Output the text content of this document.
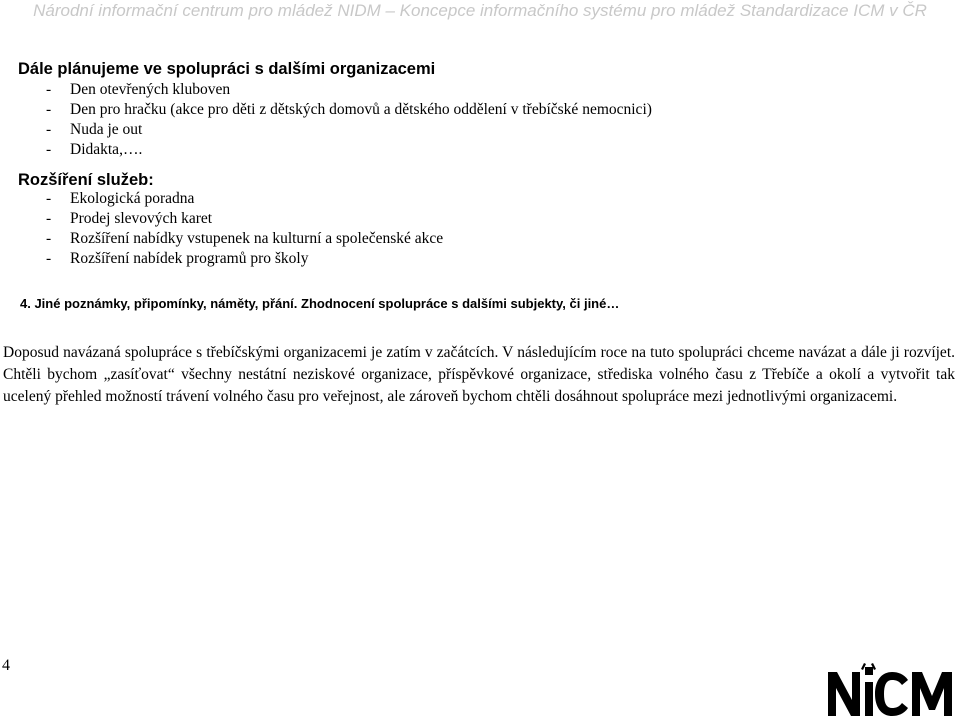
Národní informační centrum pro mládež NIDM – Koncepce informačního systému pro mládež Standardizace ICM v ČR
Dále plánujeme ve spolupráci s dalšími organizacemi
- Den otevřených kluboven
- Den pro hračku (akce pro děti z dětských domovů a dětského oddělení v třebíčské nemocnici)
- Nuda je out
- Didakta,….
Rozšíření služeb:
- Ekologická poradna
- Prodej slevových karet
- Rozšíření nabídky vstupenek na kulturní a společenské akce
- Rozšíření nabídek programů pro školy
4. Jiné poznámky, připomínky, náměty, přání. Zhodnocení spolupráce s dalšími subjekty, či jiné…

Doposud navázaná spolupráce s třebíčskými organizacemi je zatím v začátcích. V následujícím roce na tuto spolupráci chceme navázat a dále ji rozvíjet. Chtěli bychom „zasíťovat“ všechny nestátní neziskové organizace, příspěvkové organizace, střediska volného času z Třebíče a okolí a vytvořit tak ucelený přehled možností trávení volného času pro veřejnost, ale zároveň bychom chtěli dosáhnout spolupráce mezi jednotlivými organizacemi.

4
